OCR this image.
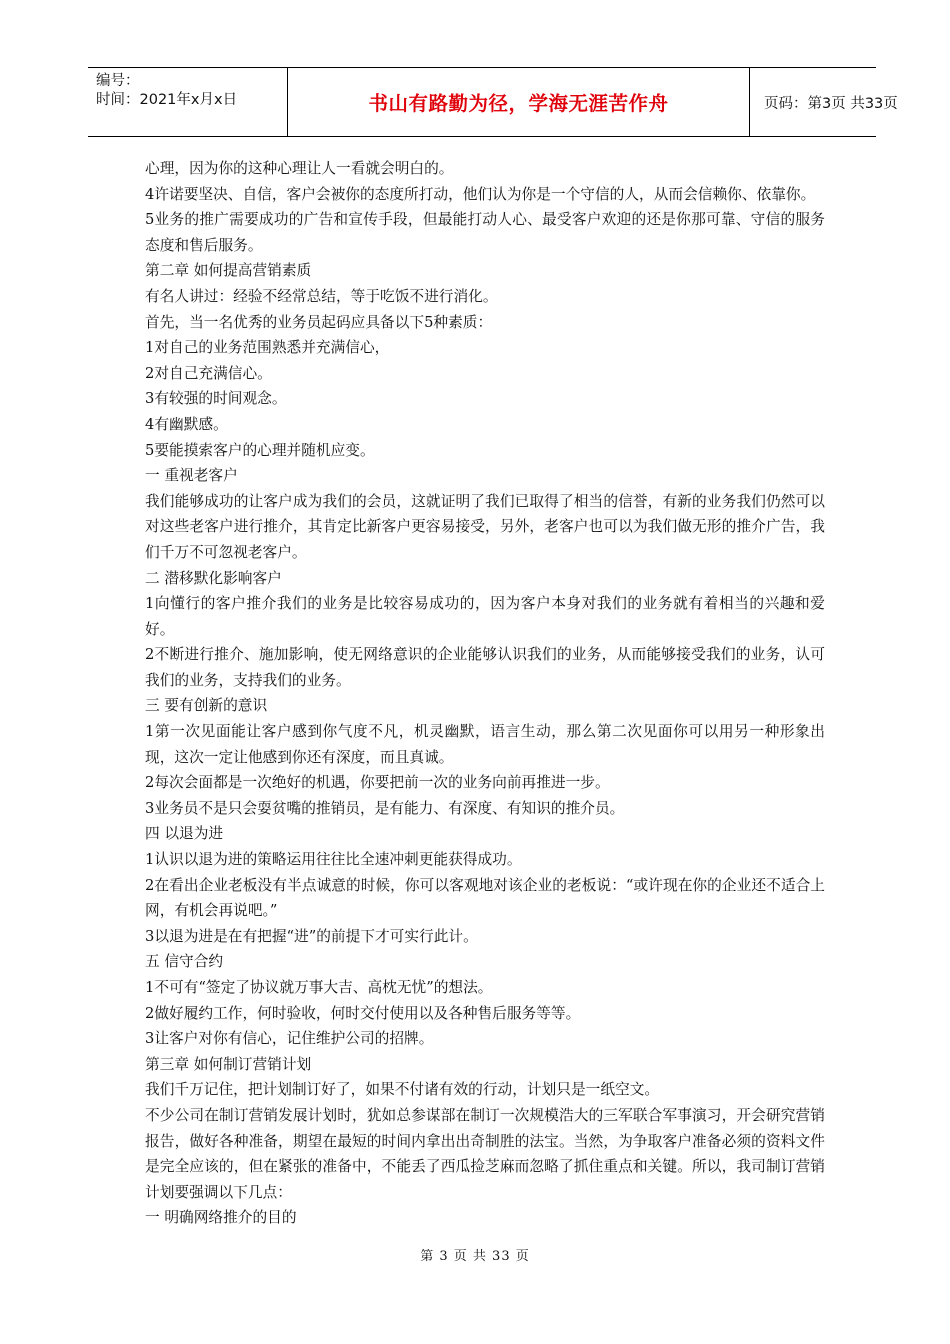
编号：
时间：2021年x月x日	书山有路勤为径，学海无涯苦作舟	页码：第3页 共33页

心理，因为你的这种心理让人一看就会明白的。

4许诺要坚决、自信，客户会被你的态度所打动，他们认为你是一个守信的人，从而会信赖你、依靠你。

5业务的推广需要成功的广告和宣传手段，但最能打动人心、最受客户欢迎的还是你那可靠、守信的服务态度和售后服务。

第二章 如何提高营销素质

有名人讲过：经验不经常总结，等于吃饭不进行消化。

首先，当一名优秀的业务员起码应具备以下5种素质：

1对自己的业务范围熟悉并充满信心，

2对自己充满信心。

3有较强的时间观念。

4有幽默感。

5要能摸索客户的心理并随机应变。

一 重视老客户

我们能够成功的让客户成为我们的会员，这就证明了我们已取得了相当的信誉，有新的业务我们仍然可以对这些老客户进行推介，其肯定比新客户更容易接受，另外，老客户也可以为我们做无形的推介广告，我们千万不可忽视老客户。

二 潜移默化影响客户

1向懂行的客户推介我们的业务是比较容易成功的，因为客户本身对我们的业务就有着相当的兴趣和爱好。

2不断进行推介、施加影响，使无网络意识的企业能够认识我们的业务，从而能够接受我们的业务，认可我们的业务，支持我们的业务。

三 要有创新的意识

1第一次见面能让客户感到你气度不凡，机灵幽默，语言生动，那么第二次见面你可以用另一种形象出现，这次一定让他感到你还有深度，而且真诚。

2每次会面都是一次绝好的机遇，你要把前一次的业务向前再推进一步。

3业务员不是只会耍贫嘴的推销员，是有能力、有深度、有知识的推介员。

四 以退为进

1认识以退为进的策略运用往往比全速冲刺更能获得成功。

2在看出企业老板没有半点诚意的时候，你可以客观地对该企业的老板说：“或许现在你的企业还不适合上网，有机会再说吧。”

3以退为进是在有把握“进”的前提下才可实行此计。

五 信守合约

1不可有“签定了协议就万事大吉、高枕无忧”的想法。

2做好履约工作，何时验收，何时交付使用以及各种售后服务等等。

3让客户对你有信心，记住维护公司的招牌。

第三章 如何制订营销计划

我们千万记住，把计划制订好了，如果不付诸有效的行动，计划只是一纸空文。

不少公司在制订营销发展计划时，犹如总参谋部在制订一次规模浩大的三军联合军事演习，开会研究营销报告，做好各种准备，期望在最短的时间内拿出出奇制胜的法宝。当然，为争取客户准备必须的资料文件是完全应该的，但在紧张的准备中，不能丢了西瓜捡芝麻而忽略了抓住重点和关键。所以，我司制订营销计划要强调以下几点：

一 明确网络推介的目的

第 3 页 共 33 页
